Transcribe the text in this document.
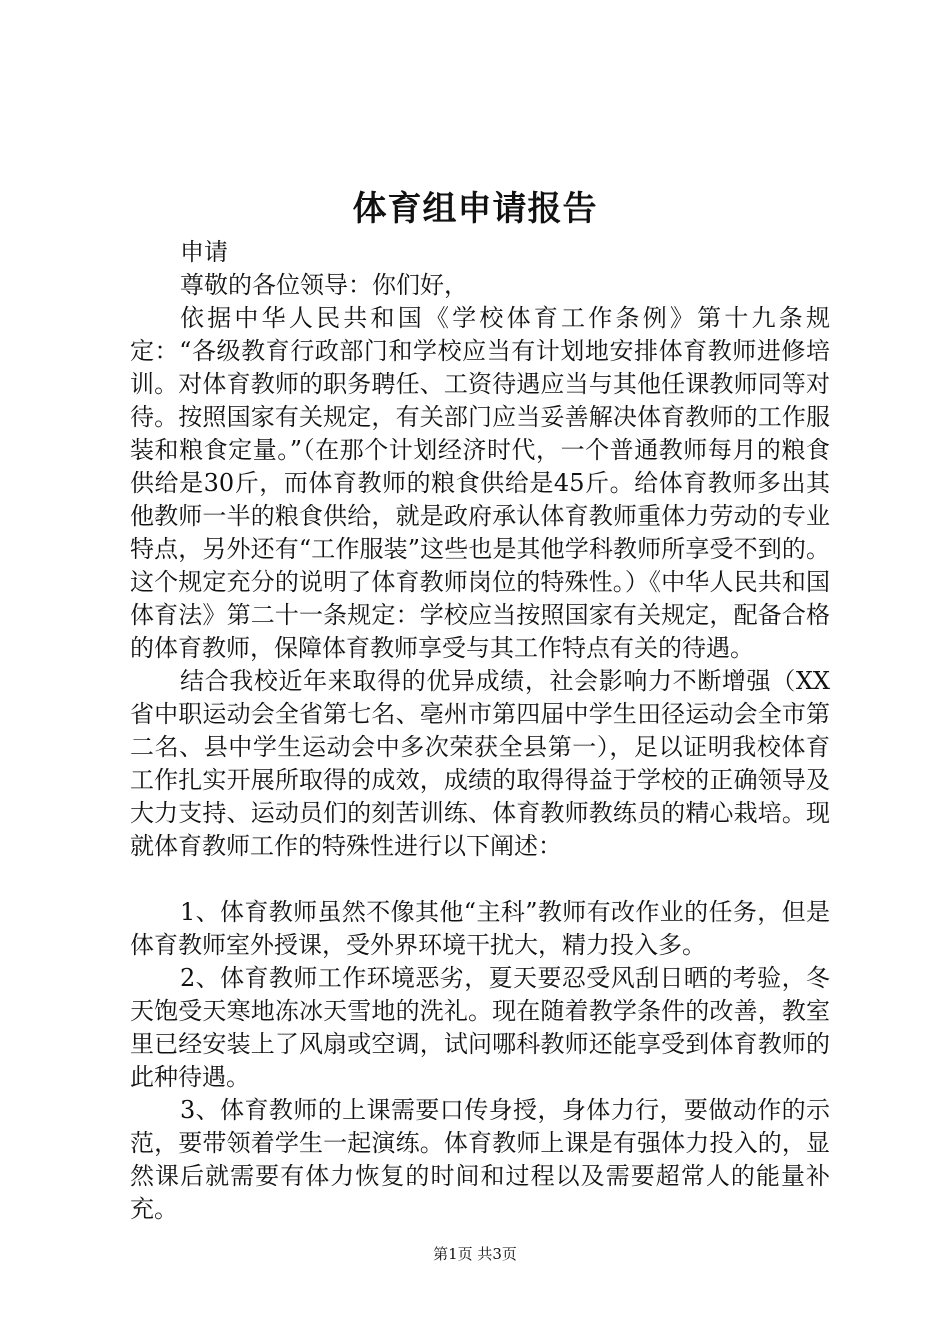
体育组申请报告

申请

尊敬的各位领导：你们好，

依据中华人民共和国《学校体育工作条例》第十九条规定：“各级教育行政部门和学校应当有计划地安排体育教师进修培训。对体育教师的职务聘任、工资待遇应当与其他任课教师同等对待。按照国家有关规定，有关部门应当妥善解决体育教师的工作服装和粮食定量。”（在那个计划经济时代，一个普通教师每月的粮食供给是30斤，而体育教师的粮食供给是45斤。给体育教师多出其他教师一半的粮食供给，就是政府承认体育教师重体力劳动的专业特点，另外还有“工作服装”这些也是其他学科教师所享受不到的。这个规定充分的说明了体育教师岗位的特殊性。）《中华人民共和国体育法》第二十一条规定：学校应当按照国家有关规定，配备合格的体育教师，保障体育教师享受与其工作特点有关的待遇。

结合我校近年来取得的优异成绩，社会影响力不断增强（XX省中职运动会全省第七名、亳州市第四届中学生田径运动会全市第二名、县中学生运动会中多次荣获全县第一），足以证明我校体育工作扎实开展所取得的成效，成绩的取得得益于学校的正确领导及大力支持、运动员们的刻苦训练、体育教师教练员的精心栽培。现就体育教师工作的特殊性进行以下阐述：

1、体育教师虽然不像其他“主科”教师有改作业的任务，但是体育教师室外授课，受外界环境干扰大，精力投入多。

2、体育教师工作环境恶劣，夏天要忍受风刮日晒的考验，冬天饱受天寒地冻冰天雪地的洗礼。现在随着教学条件的改善，教室里已经安装上了风扇或空调，试问哪科教师还能享受到体育教师的此种待遇。

3、体育教师的上课需要口传身授，身体力行，要做动作的示范，要带领着学生一起演练。体育教师上课是有强体力投入的，显然课后就需要有体力恢复的时间和过程以及需要超常人的能量补充。

第1页 共3页
